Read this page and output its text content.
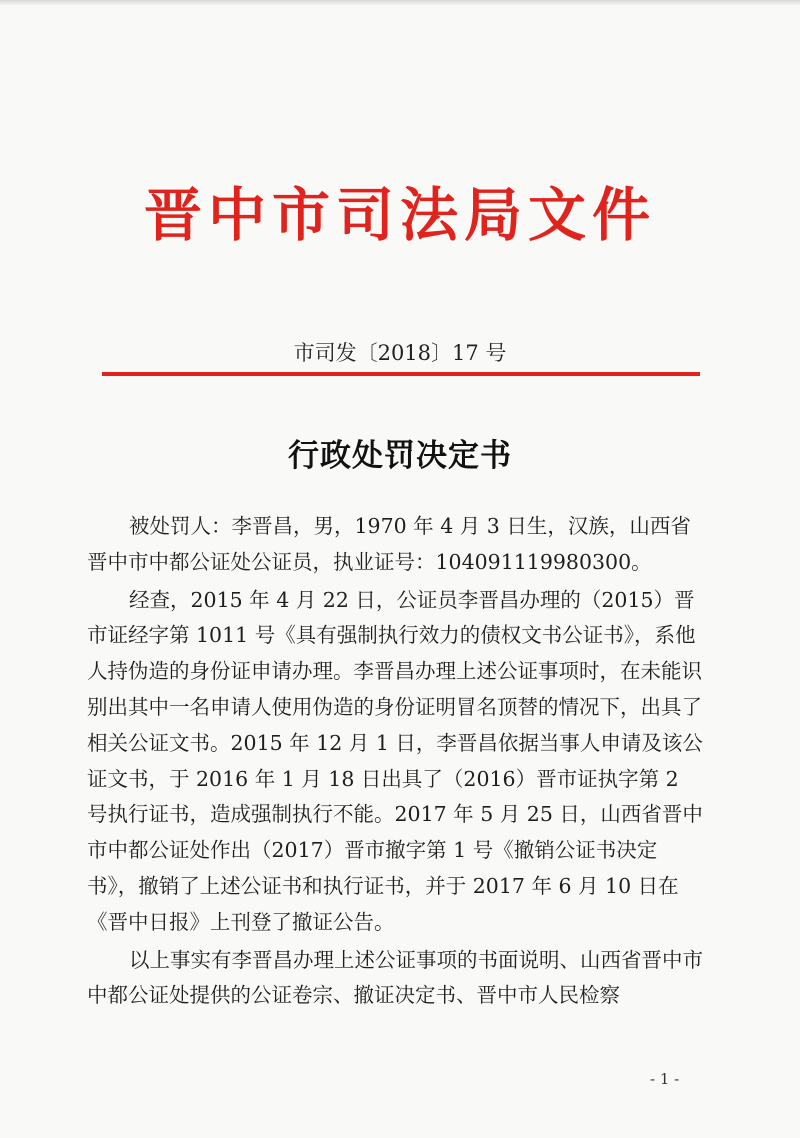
晋中市司法局文件
市司发〔2018〕17 号
行政处罚决定书

被处罚人：李晋昌，男，1970 年 4 月 3 日生，汉族，山西省晋中市中都公证处公证员，执业证号：104091119980300。

经查，2015 年 4 月 22 日，公证员李晋昌办理的（2015）晋市证经字第 1011 号《具有强制执行效力的债权文书公证书》，系他人持伪造的身份证申请办理。李晋昌办理上述公证事项时，在未能识别出其中一名申请人使用伪造的身份证明冒名顶替的情况下，出具了相关公证文书。2015 年 12 月 1 日，李晋昌依据当事人申请及该公证文书，于 2016 年 1 月 18 日出具了（2016）晋市证执字第 2 号执行证书，造成强制执行不能。2017 年 5 月 25 日，山西省晋中市中都公证处作出（2017）晋市撤字第 1 号《撤销公证书决定书》，撤销了上述公证书和执行证书，并于 2017 年 6 月 10 日在《晋中日报》上刊登了撤证公告。

以上事实有李晋昌办理上述公证事项的书面说明、山西省晋中市中都公证处提供的公证卷宗、撤证决定书、晋中市人民检察

- 1 -
